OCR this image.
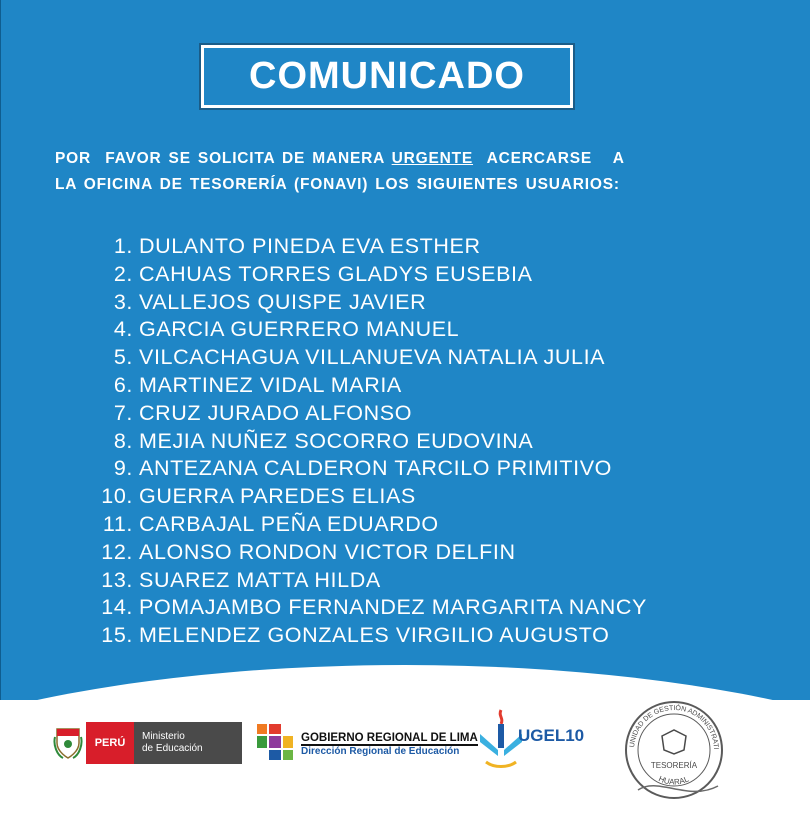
COMUNICADO
POR  FAVOR SE SOLICITA DE MANERA URGENTE  ACERCARSE   A
LA OFICINA DE TESORERÍA (FONAVI) LOS SIGUIENTES USUARIOS:
1. DULANTO PINEDA EVA ESTHER
2. CAHUAS TORRES GLADYS EUSEBIA
3. VALLEJOS QUISPE JAVIER
4. GARCIA GUERRERO MANUEL
5. VILCACHAGUA VILLANUEVA NATALIA JULIA
6. MARTINEZ VIDAL MARIA
7. CRUZ JURADO ALFONSO
8. MEJIA NUÑEZ SOCORRO EUDOVINA
9. ANTEZANA CALDERON TARCILO PRIMITIVO
10. GUERRA PAREDES ELIAS
11. CARBAJAL PEÑA EDUARDO
12. ALONSO RONDON VICTOR DELFIN
13. SUAREZ MATTA HILDA
14. POMAJAMBO FERNANDEZ MARGARITA NANCY
15. MELENDEZ GONZALES VIRGILIO AUGUSTO
PERÚ
Ministerio
de Educación
GOBIERNO REGIONAL DE LIMA
Dirección Regional de Educación
UGEL10	UNIDAD DE GESTIÓN ADMINISTRATI
HUARAL
TESORERÍA
